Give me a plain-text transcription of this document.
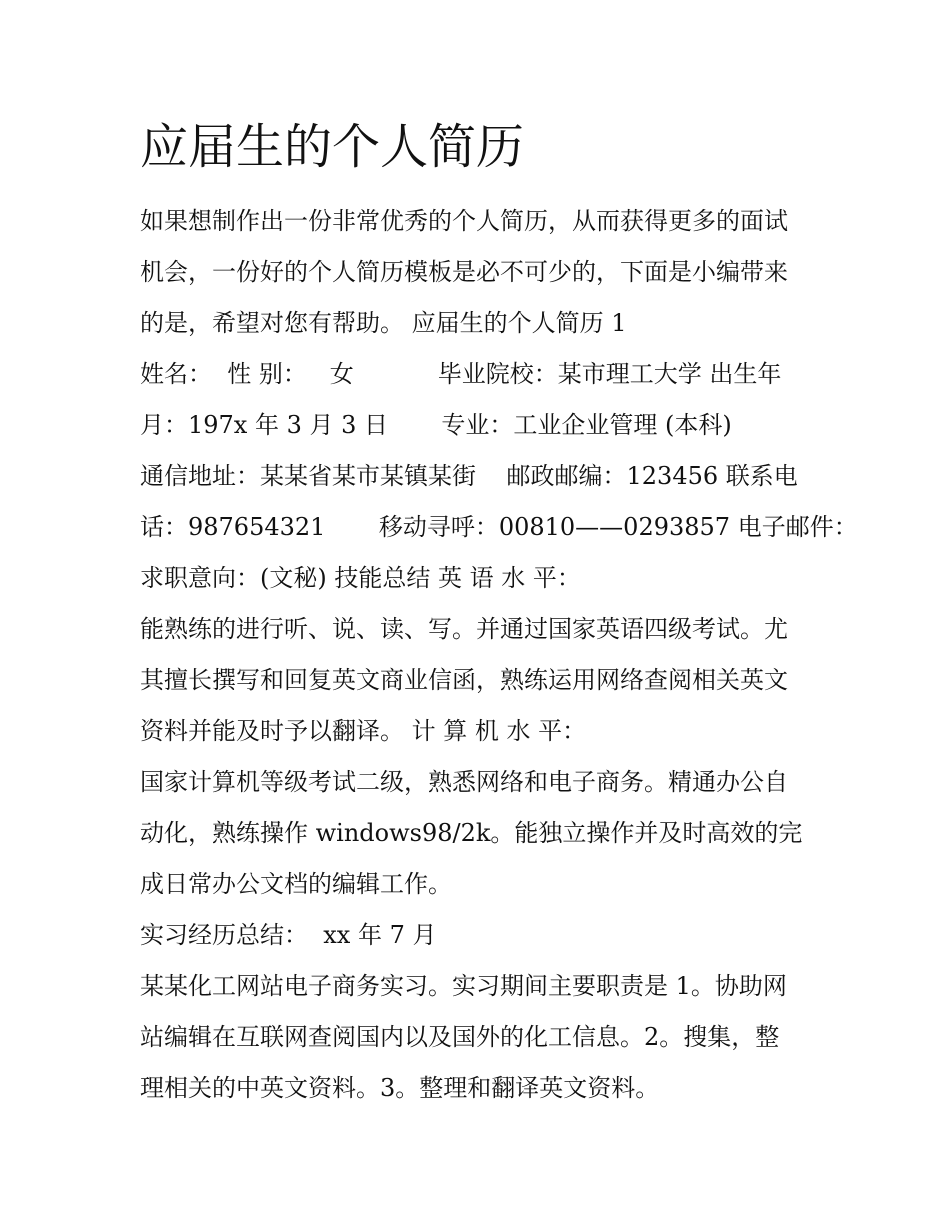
应届生的个人简历

如果想制作出一份非常优秀的个人简历，从而获得更多的面试

机会，一份好的个人简历模板是必不可少的，下面是小编带来

的是，希望对您有帮助。 应届生的个人简历 1

姓名：  性 别：   女           毕业院校：某市理工大学 出生年

月：197x 年 3 月 3 日       专业：工业企业管理 (本科)

通信地址：某某省某市某镇某街    邮政邮编：123456 联系电

话：987654321       移动寻呼：00810——0293857 电子邮件：

求职意向：(文秘) 技能总结 英 语 水 平：

能熟练的进行听、说、读、写。并通过国家英语四级考试。尤

其擅长撰写和回复英文商业信函，熟练运用网络查阅相关英文

资料并能及时予以翻译。 计 算 机 水 平：

国家计算机等级考试二级，熟悉网络和电子商务。精通办公自

动化，熟练操作 windows98/2k。能独立操作并及时高效的完

成日常办公文档的编辑工作。

实习经历总结：  xx 年 7 月

某某化工网站电子商务实习。实习期间主要职责是 1。协助网

站编辑在互联网查阅国内以及国外的化工信息。2。搜集，整

理相关的中英文资料。3。整理和翻译英文资料。
